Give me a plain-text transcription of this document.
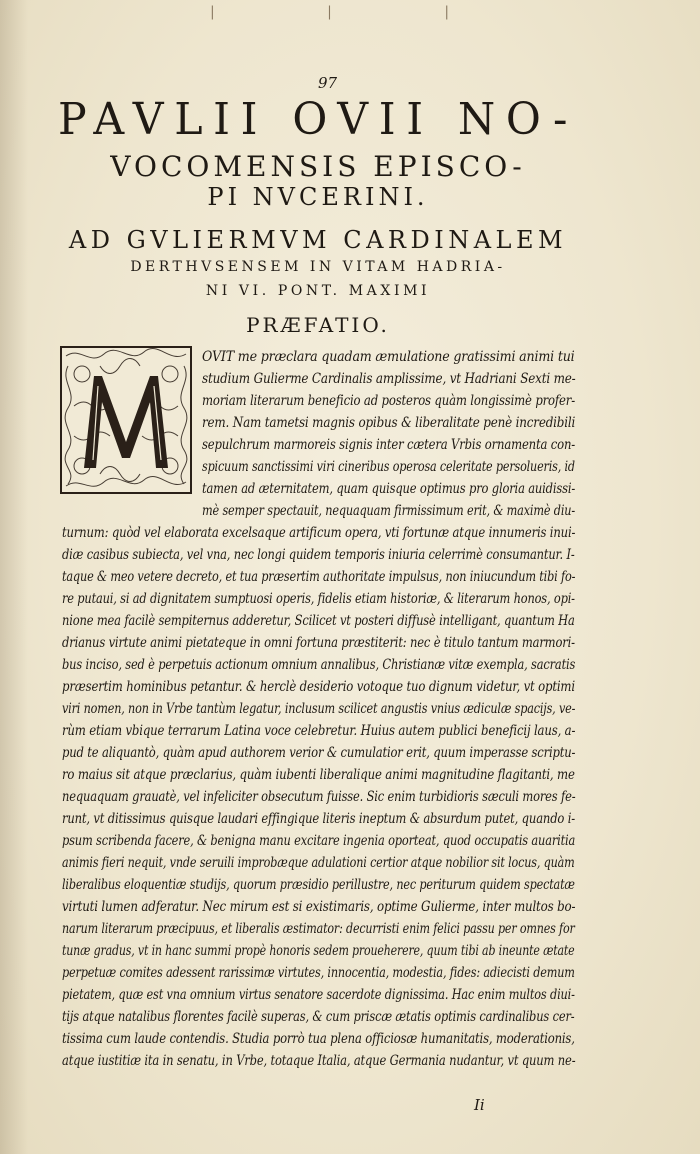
| | |
97
PAVLII OVII NO-
VOCOMENSIS EPISCO-
PI NVCERINI.
AD GVLIERMVM CARDINALEM
DERTHVSENSEM IN VITAM HADRIA-
NI VI. PONT. MAXIMI
PRÆFATIO.
OVIT me præclara quadam æmulatione gratissimi animi tui
studium Gulierme Cardinalis amplissime, vt Hadriani Sexti me-
moriam literarum beneficio ad posteros quàm longissimè profer-
rem. Nam tametsi magnis opibus & liberalitate penè incredibili
sepulchrum marmoreis signis inter cætera Vrbis ornamenta con-
spicuum sanctissimi viri cineribus operosa celeritate persolueris, id
tamen ad æternitatem, quam quisque optimus pro gloria auidissi-
mè semper spectauit, nequaquam firmissimum erit, & maximè diu-
turnum: quòd vel elaborata excelsaque artificum opera, vti fortunæ atque innumeris inui-
diæ casibus subiecta, vel vna, nec longi quidem temporis iniuria celerrimè consumantur. I-
taque & meo vetere decreto, et tua præsertim authoritate impulsus, non iniucundum tibi fo-
re putaui, si ad dignitatem sumptuosi operis, fidelis etiam historiæ, & literarum honos, opi-
nione mea facilè sempiternus adderetur, Scilicet vt posteri diffusè intelligant, quantum Ha
drianus virtute animi pietateque in omni fortuna præstiterit: nec è titulo tantum marmori-
bus inciso, sed è perpetuis actionum omnium annalibus, Christianæ vitæ exempla, sacratis
præsertim hominibus petantur. & herclè desiderio votoque tuo dignum videtur, vt optimi
viri nomen, non in Vrbe tantùm legatur, inclusum scilicet angustis vnius ædiculæ spacijs, ve-
rùm etiam vbique terrarum Latina voce celebretur. Huius autem publici beneficij laus, a-
pud te aliquantò, quàm apud authorem verior & cumulatior erit, quum imperasse scriptu-
ro maius sit atque præclarius, quàm iubenti liberalique animi magnitudine flagitanti, me
nequaquam grauatè, vel infeliciter obsecutum fuisse. Sic enim turbidioris sæculi mores fe-
runt, vt ditissimus quisque laudari effingique literis ineptum & absurdum putet, quando i-
psum scribenda facere, & benigna manu excitare ingenia oporteat, quod occupatis auaritia
animis fieri nequit, vnde seruili improbæque adulationi certior atque nobilior sit locus, quàm
liberalibus eloquentiæ studijs, quorum præsidio perillustre, nec periturum quidem spectatæ
virtuti lumen adferatur. Nec mirum est si existimaris, optime Gulierme, inter multos bo-
narum literarum præcipuus, et liberalis æstimator: decurristi enim felici passu per omnes for
tunæ gradus, vt in hanc summi propè honoris sedem proueherere, quum tibi ab ineunte ætate
perpetuæ comites adessent rarissimæ virtutes, innocentia, modestia, fides: adiecisti demum
pietatem, quæ est vna omnium virtus senatore sacerdote dignissima. Hac enim multos diui-
tijs atque natalibus florentes facilè superas, & cum priscæ ætatis optimis cardinalibus cer-
tissima cum laude contendis. Studia porrò tua plena officiosæ humanitatis, moderationis,
atque iustitiæ ita in senatu, in Vrbe, totaque Italia, atque Germania nudantur, vt quum ne-
Ii
